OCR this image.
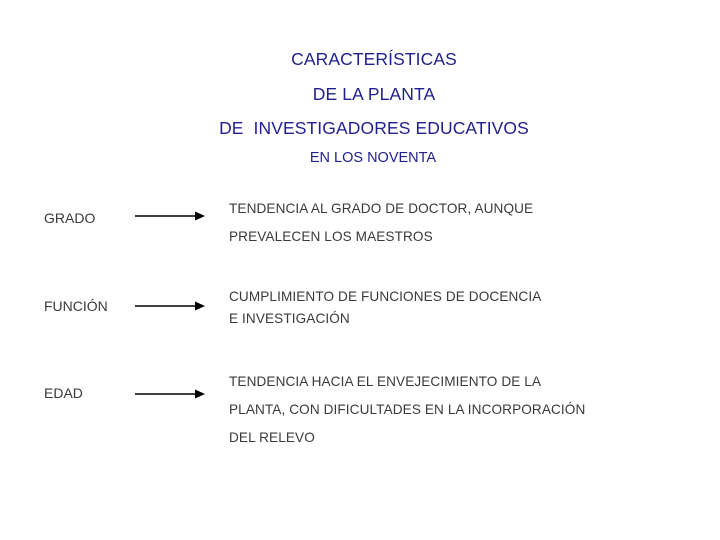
CARACTERÍSTICAS
DE LA PLANTA
DE  INVESTIGADORES EDUCATIVOS
EN LOS NOVENTA
GRADO
TENDENCIA AL GRADO DE DOCTOR, AUNQUE
PREVALECEN LOS MAESTROS
FUNCIÓN
CUMPLIMIENTO DE FUNCIONES DE DOCENCIA
E INVESTIGACIÓN
EDAD
TENDENCIA HACIA EL ENVEJECIMIENTO DE LA
PLANTA, CON DIFICULTADES EN LA INCORPORACIÓN
DEL RELEVO
